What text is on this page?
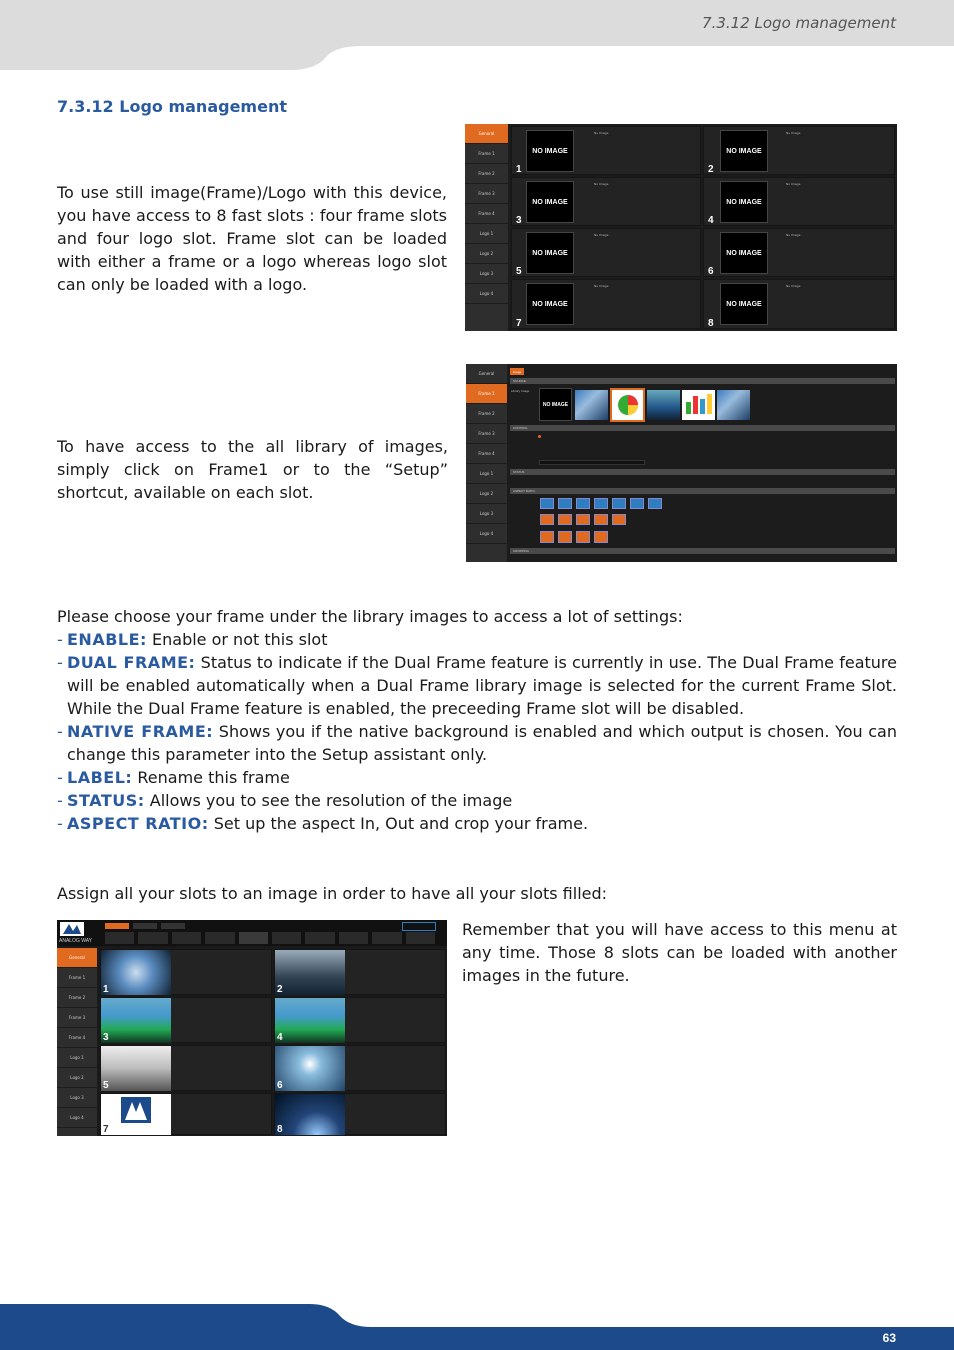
7.3.12 Logo management
7.3.12 Logo management
To use still image(Frame)/Logo with this device, you have access to 8 fast slots : four frame slots and four logo slot. Frame slot can be loaded with either a frame or a logo whereas logo slot can only be loaded with a logo.
General
Frame 1
Frame 2
Frame 3
Frame 4
Logo 1
Logo 2
Logo 3
Logo 4
NO IMAGE
1
No Image
NO IMAGE
2
No Image
NO IMAGE
3
No Image
NO IMAGE
4
No Image
NO IMAGE
5
No Image
NO IMAGE
6
No Image
NO IMAGE
7
No Image
NO IMAGE
8
No Image
To have access to the all library of images, simply click on Frame1 or to the “Setup” shortcut, available on each slot.
General
Frame 1
Frame 2
Frame 3
Frame 4
Logo 1
Logo 2
Logo 3
Logo 4
Image
SOURCE
Library Image
NO IMAGE
CONTROL
STATUS
ASPECT RATIO
CROPPING
Please choose your frame under the library images to access a lot of settings:
- ENABLE: Enable or not this slot
- DUAL FRAME: Status to indicate if the Dual Frame feature is currently in use. The Dual Frame feature will be enabled automatically when a Dual Frame library image is selected for the current Frame Slot. While the Dual Frame feature is enabled, the preceeding Frame slot will be disabled.
- NATIVE FRAME: Shows you if the native background is enabled and which output is chosen. You can change this parameter into the Setup assistant only.
- LABEL: Rename this frame
- STATUS: Allows you to see the resolution of the image
- ASPECT RATIO: Set up the aspect In, Out and crop your frame.
Assign all your slots to an image in order to have all your slots filled:
ANALOG WAY
General
Frame 1
Frame 2
Frame 3
Frame 4
Logo 1
Logo 2
Logo 3
Logo 4
1	2
3	4
5	6
7	8
Remember that you will have access to this menu at any time. Those 8 slots can be loaded with another images in the future.
63
